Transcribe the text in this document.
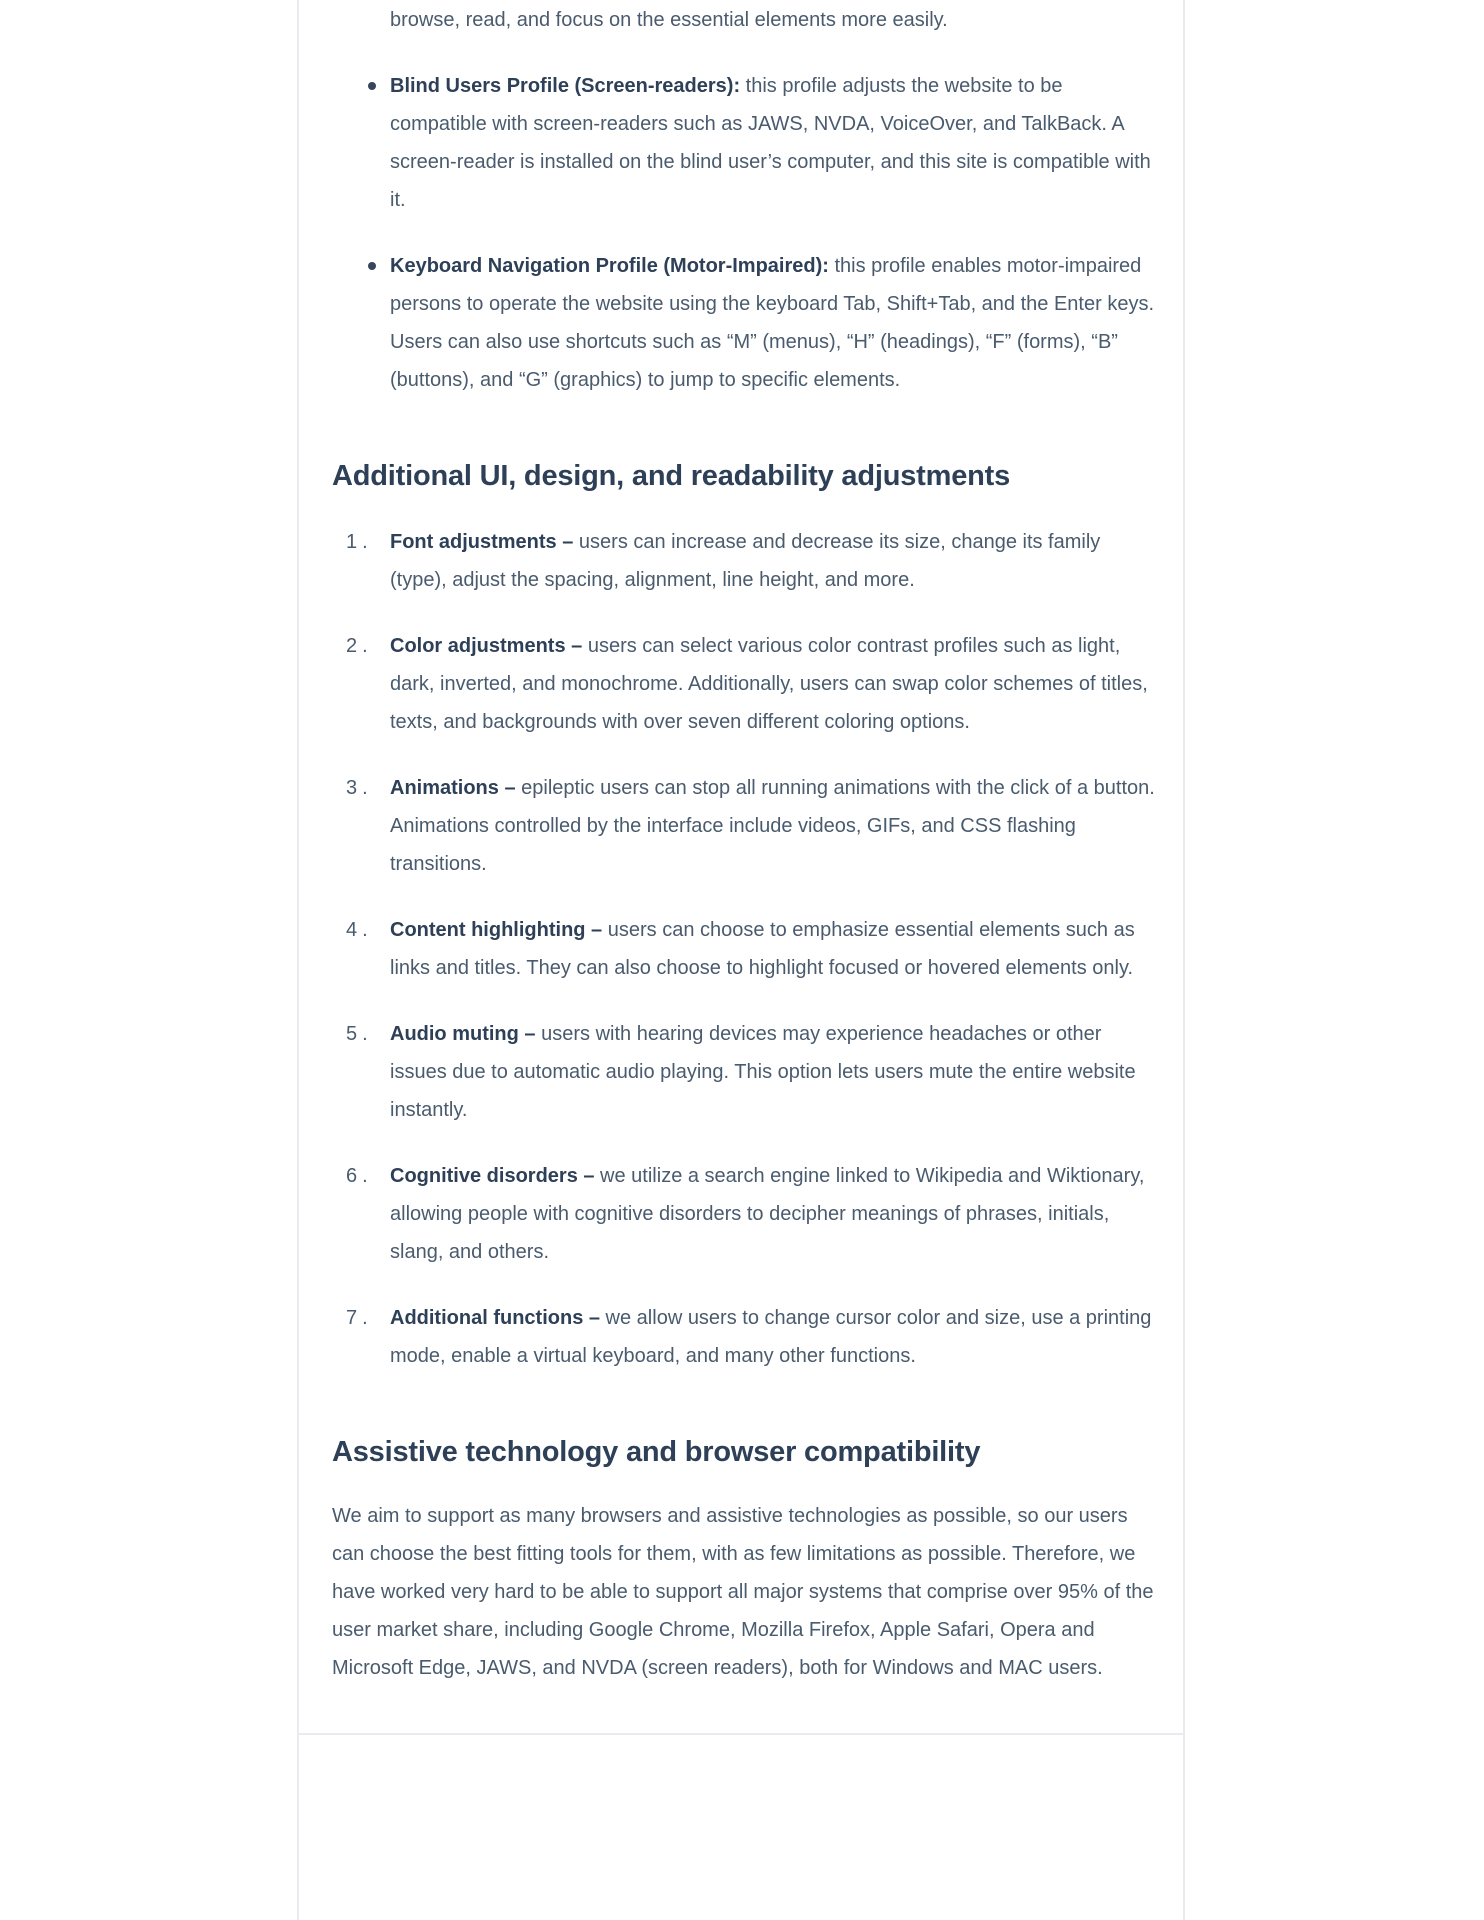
browse, read, and focus on the essential elements more easily.

Blind Users Profile (Screen-readers): this profile adjusts the website to be compatible with screen-readers such as JAWS, NVDA, VoiceOver, and TalkBack. A screen-reader is installed on the blind user’s computer, and this site is compatible with it.

Keyboard Navigation Profile (Motor-Impaired): this profile enables motor-impaired persons to operate the website using the keyboard Tab, Shift+Tab, and the Enter keys. Users can also use shortcuts such as “M” (menus), “H” (headings), “F” (forms), “B” (buttons), and “G” (graphics) to jump to specific elements.

Additional UI, design, and readability adjustments
1. Font adjustments – users can increase and decrease its size, change its family (type), adjust the spacing, alignment, line height, and more.

2. Color adjustments – users can select various color contrast profiles such as light, dark, inverted, and monochrome. Additionally, users can swap color schemes of titles, texts, and backgrounds with over seven different coloring options.

3. Animations – epileptic users can stop all running animations with the click of a button. Animations controlled by the interface include videos, GIFs, and CSS flashing transitions.

4. Content highlighting – users can choose to emphasize essential elements such as links and titles. They can also choose to highlight focused or hovered elements only.

5. Audio muting – users with hearing devices may experience headaches or other issues due to automatic audio playing. This option lets users mute the entire website instantly.

6. Cognitive disorders – we utilize a search engine linked to Wikipedia and Wiktionary, allowing people with cognitive disorders to decipher meanings of phrases, initials, slang, and others.

7. Additional functions – we allow users to change cursor color and size, use a printing mode, enable a virtual keyboard, and many other functions.

Assistive technology and browser compatibility

We aim to support as many browsers and assistive technologies as possible, so our users can choose the best fitting tools for them, with as few limitations as possible. Therefore, we have worked very hard to be able to support all major systems that comprise over 95% of the user market share, including Google Chrome, Mozilla Firefox, Apple Safari, Opera and Microsoft Edge, JAWS, and NVDA (screen readers), both for Windows and MAC users.
